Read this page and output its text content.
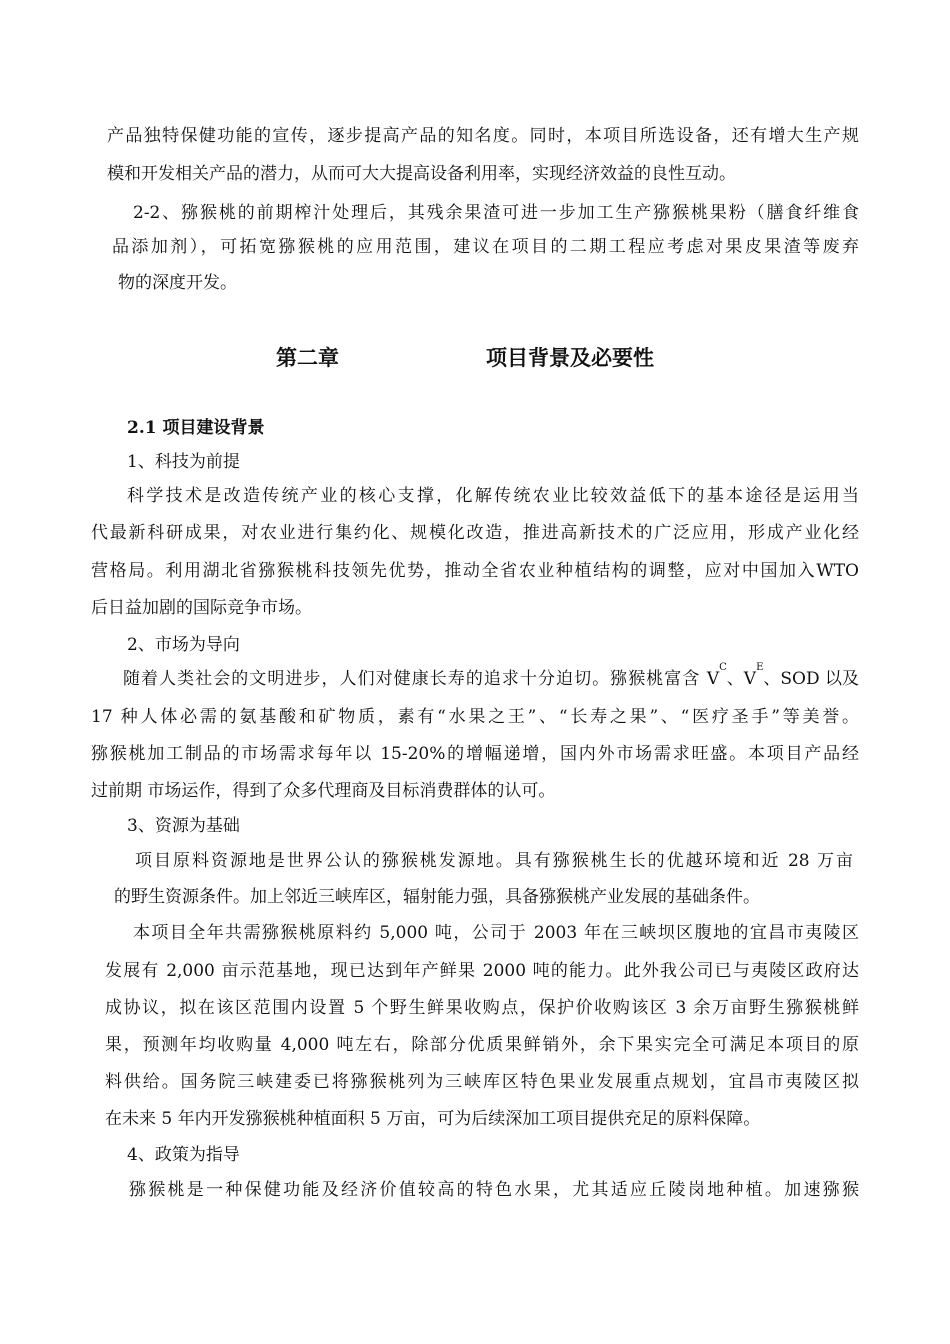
产品独特保健功能的宣传，逐步提高产品的知名度。同时，本项目所选设备，还有增大生产规
模和开发相关产品的潜力，从而可大大提高设备利用率，实现经济效益的良性互动。
2-2、猕猴桃的前期榨汁处理后，其残余果渣可进一步加工生产猕猴桃果粉（膳食纤维食
品添加剂），可拓宽猕猴桃的应用范围，建议在项目的二期工程应考虑对果皮果渣等废弃
物的深度开发。
第二章	项目背景及必要性
2.1 项目建设背景
1、科技为前提
科学技术是改造传统产业的核心支撑，化解传统农业比较效益低下的基本途径是运用当
代最新科研成果，对农业进行集约化、规模化改造，推进高新技术的广泛应用，形成产业化经
营格局。利用湖北省猕猴桃科技领先优势，推动全省农业种植结构的调整，应对中国加入WTO
后日益加剧的国际竞争市场。
2、市场为导向
随着人类社会的文明进步，人们对健康长寿的追求十分迫切。猕猴桃富含 V
C
、V
E
、SOD 以及
17 种人体必需的氨基酸和矿物质，素有“水果之王”、“长寿之果”、“医疗圣手”等美誉。
猕猴桃加工制品的市场需求每年以 15-20%的增幅递增，国内外市场需求旺盛。本项目产品经
过前期 市场运作，得到了众多代理商及目标消费群体的认可。
3、资源为基础
项目原料资源地是世界公认的猕猴桃发源地。具有猕猴桃生长的优越环境和近 28 万亩
的野生资源条件。加上邻近三峡库区，辐射能力强，具备猕猴桃产业发展的基础条件。
本项目全年共需猕猴桃原料约 5,000 吨，公司于 2003 年在三峡坝区腹地的宜昌市夷陵区
发展有 2,000 亩示范基地，现已达到年产鲜果 2000 吨的能力。此外我公司已与夷陵区政府达
成协议，拟在该区范围内设置 5 个野生鲜果收购点，保护价收购该区 3 余万亩野生猕猴桃鲜
果，预测年均收购量 4,000 吨左右，除部分优质果鲜销外，余下果实完全可满足本项目的原
料供给。国务院三峡建委已将猕猴桃列为三峡库区特色果业发展重点规划，宜昌市夷陵区拟
在未来 5 年内开发猕猴桃种植面积 5 万亩，可为后续深加工项目提供充足的原料保障。
4、政策为指导
猕猴桃是一种保健功能及经济价值较高的特色水果，尤其适应丘陵岗地种植。加速猕猴
